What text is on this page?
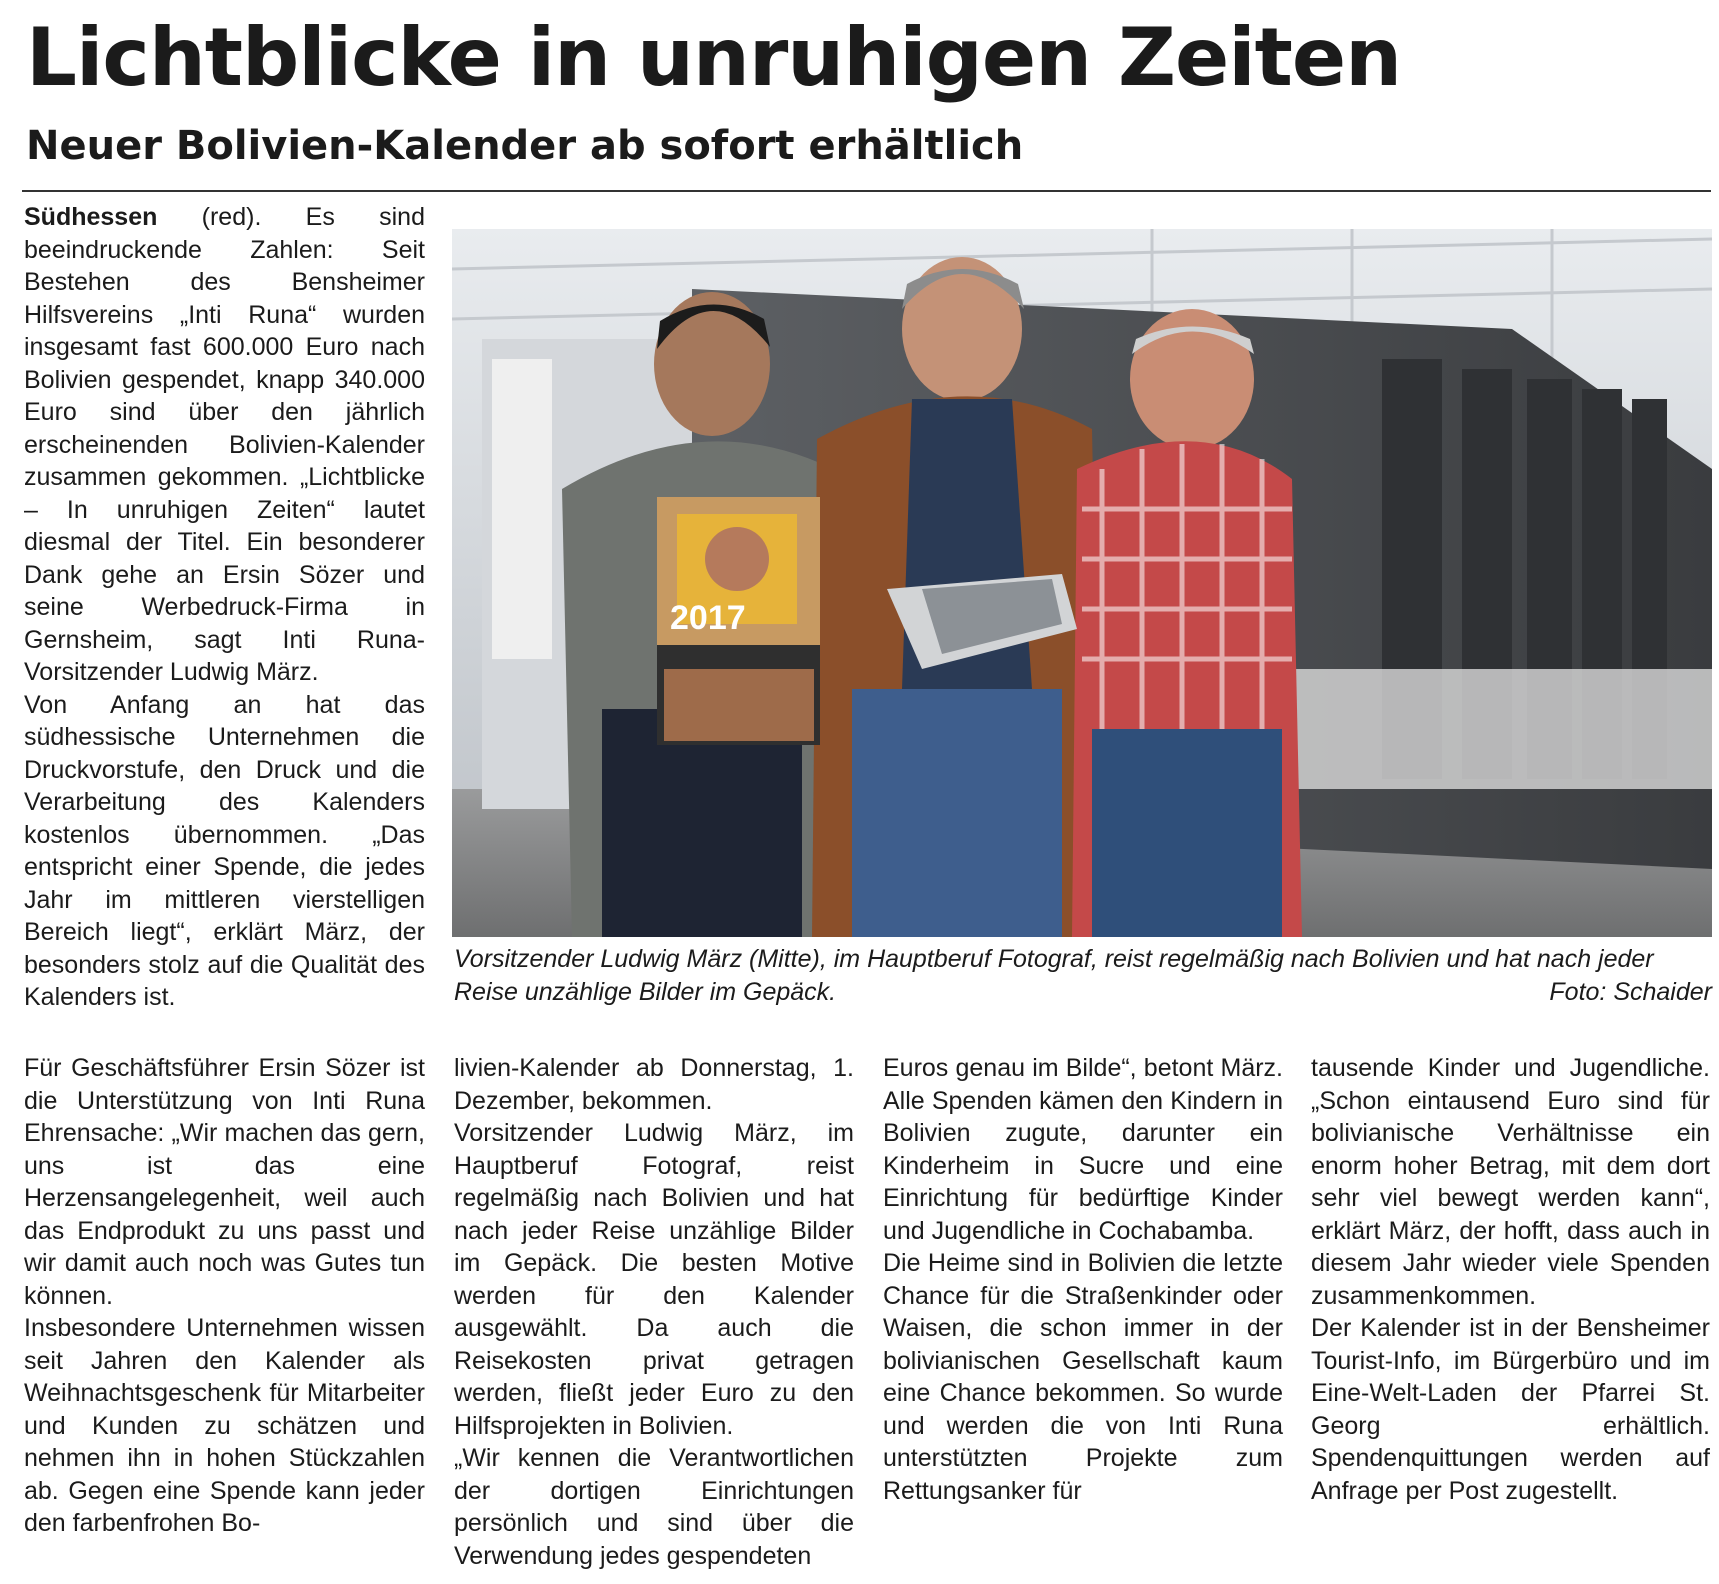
Lichtblicke in unruhigen Zeiten
Neuer Bolivien-Kalender ab sofort erhältlich

Südhessen (red). Es sind beeindruckende Zahlen: Seit Bestehen des Bensheimer Hilfsvereins „Inti Runa“ wurden insgesamt fast 600.000 Euro nach Bolivien gespendet, knapp 340.000 Euro sind über den jährlich erscheinenden Bolivien-Kalender zusammen gekommen. „Lichtblicke – In unruhigen Zeiten“ lautet diesmal der Titel. Ein besonderer Dank gehe an Ersin Sözer und seine Werbedruck-Firma in Gernsheim, sagt Inti Runa-Vorsitzender Ludwig März.

Von Anfang an hat das südhessische Unternehmen die Druckvorstufe, den Druck und die Verarbeitung des Kalenders kostenlos übernommen. „Das entspricht einer Spende, die jedes Jahr im mittleren vierstelligen Bereich liegt“, erklärt März, der besonders stolz auf die Qualität des Kalenders ist.

2017
Vorsitzender Ludwig März (Mitte), im Hauptberuf Fotograf, reist regelmäßig nach Bolivien und hat nach jeder Reise unzählige Bilder im Gepäck.	Foto: Schaider

Für Geschäftsführer Ersin Sözer ist die Unterstützung von Inti Runa Ehrensache: „Wir machen das gern, uns ist das eine Herzensangelegenheit, weil auch das Endprodukt zu uns passt und wir damit auch noch was Gutes tun können.

Insbesondere Unternehmen wissen seit Jahren den Kalender als Weihnachtsgeschenk für Mitarbeiter und Kunden zu schätzen und nehmen ihn in hohen Stückzahlen ab. Gegen eine Spende kann jeder den farbenfrohen Bo-

livien-Kalender ab Donnerstag, 1. Dezember, bekommen.

Vorsitzender Ludwig März, im Hauptberuf Fotograf, reist regelmäßig nach Bolivien und hat nach jeder Reise unzählige Bilder im Gepäck. Die besten Motive werden für den Kalender ausgewählt. Da auch die Reisekosten privat getragen werden, fließt jeder Euro zu den Hilfsprojekten in Bolivien.

„Wir kennen die Verantwortlichen der dortigen Einrichtungen persönlich und sind über die Verwendung jedes gespendeten

Euros genau im Bilde“, betont März. Alle Spenden kämen den Kindern in Bolivien zugute, darunter ein Kinderheim in Sucre und eine Einrichtung für bedürftige Kinder und Jugendliche in Cochabamba.

Die Heime sind in Bolivien die letzte Chance für die Straßenkinder oder Waisen, die schon immer in der bolivianischen Gesellschaft kaum eine Chance bekommen. So wurde und werden die von Inti Runa unterstützten Projekte zum Rettungsanker für

tausende Kinder und Jugendliche. „Schon eintausend Euro sind für bolivianische Verhältnisse ein enorm hoher Betrag, mit dem dort sehr viel bewegt werden kann“, erklärt März, der hofft, dass auch in diesem Jahr wieder viele Spenden zusammenkommen.

Der Kalender ist in der Bensheimer Tourist-Info, im Bürgerbüro und im Eine-Welt-Laden der Pfarrei St. Georg erhältlich. Spendenquittungen werden auf Anfrage per Post zugestellt.
